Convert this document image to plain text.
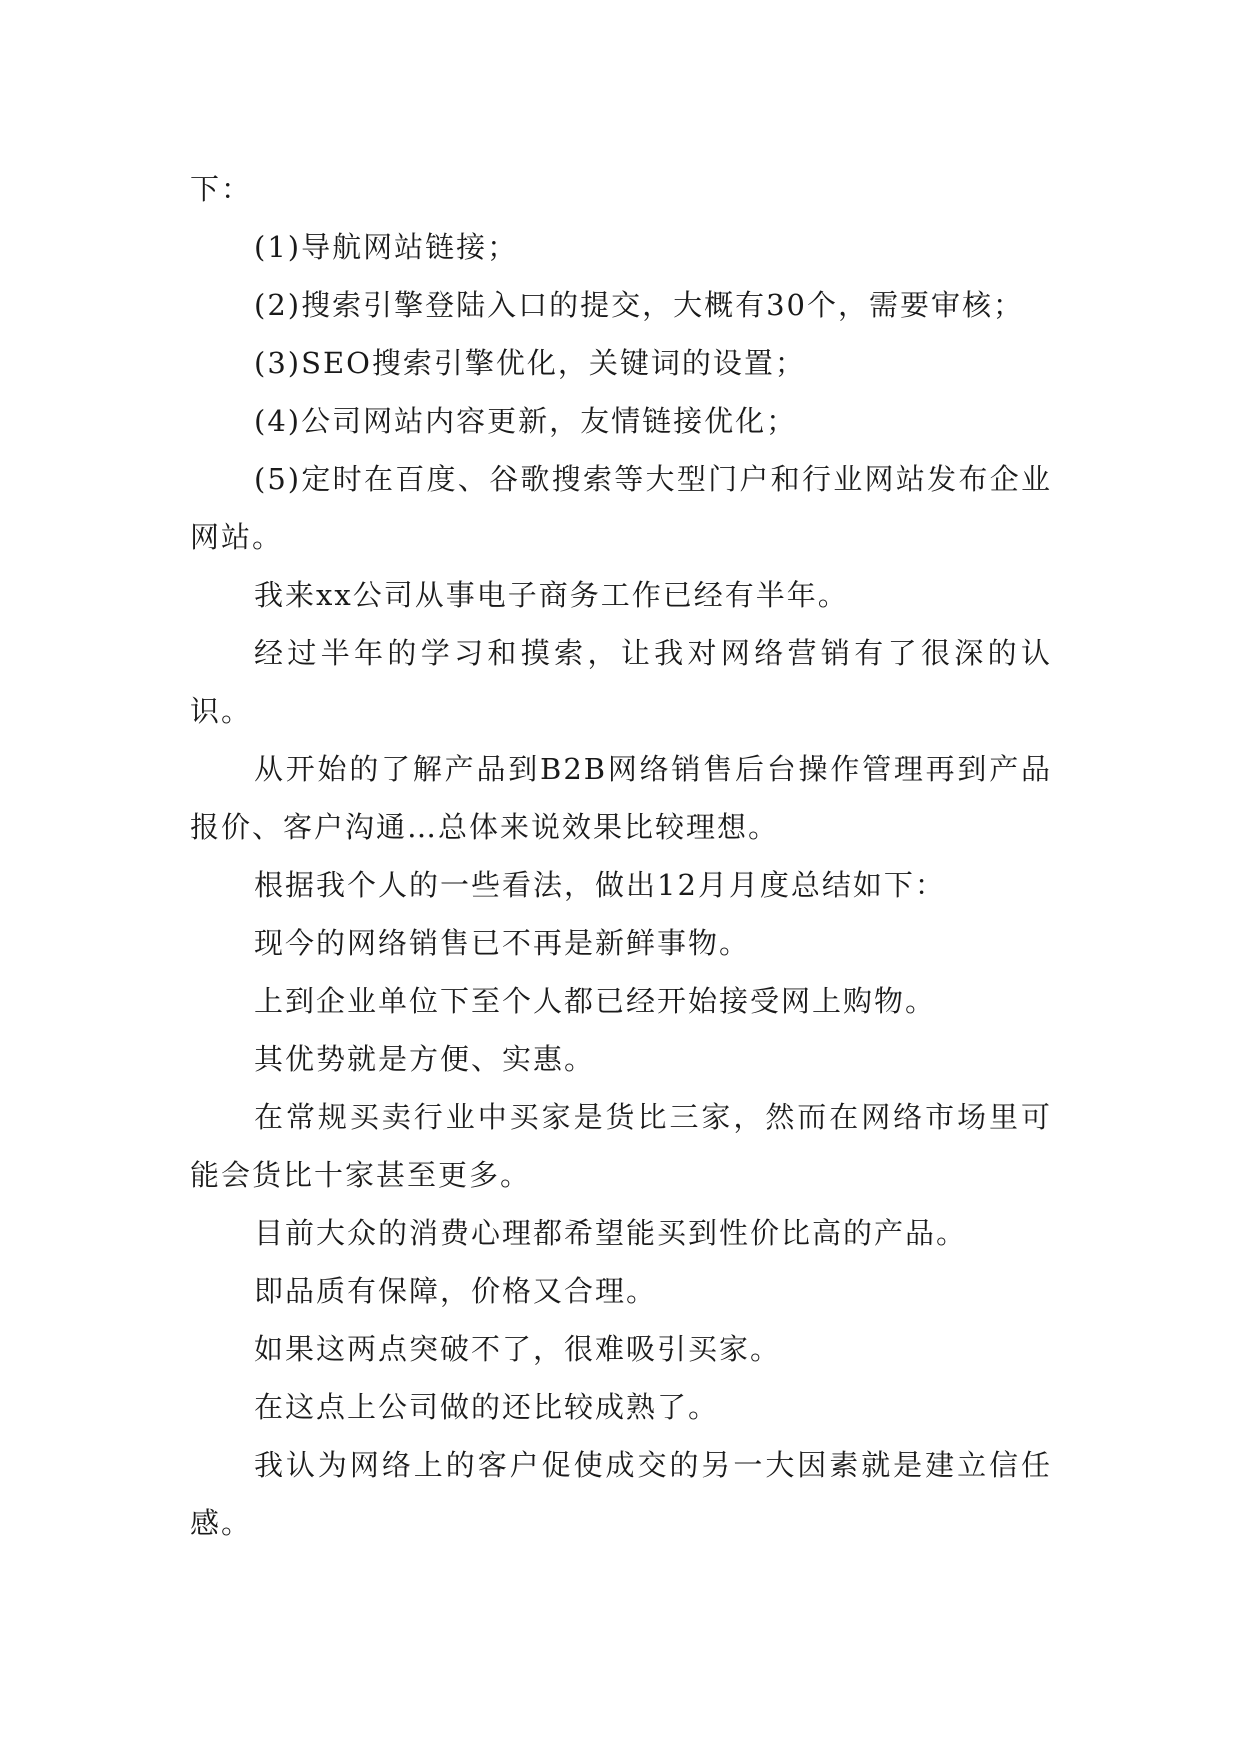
下：

(1)导航网站链接；

(2)搜索引擎登陆入口的提交，大概有30个，需要审核；

(3)SEO搜索引擎优化，关键词的设置；

(4)公司网站内容更新，友情链接优化；

(5)定时在百度、谷歌搜索等大型门户和行业网站发布企业网站。

我来xx公司从事电子商务工作已经有半年。

经过半年的学习和摸索，让我对网络营销有了很深的认识。

从开始的了解产品到B2B网络销售后台操作管理再到产品报价、客户沟通…总体来说效果比较理想。

根据我个人的一些看法，做出12月月度总结如下：

现今的网络销售已不再是新鲜事物。

上到企业单位下至个人都已经开始接受网上购物。

其优势就是方便、实惠。

在常规买卖行业中买家是货比三家，然而在网络市场里可能会货比十家甚至更多。

目前大众的消费心理都希望能买到性价比高的产品。

即品质有保障，价格又合理。

如果这两点突破不了，很难吸引买家。

在这点上公司做的还比较成熟了。

我认为网络上的客户促使成交的另一大因素就是建立信任感。
